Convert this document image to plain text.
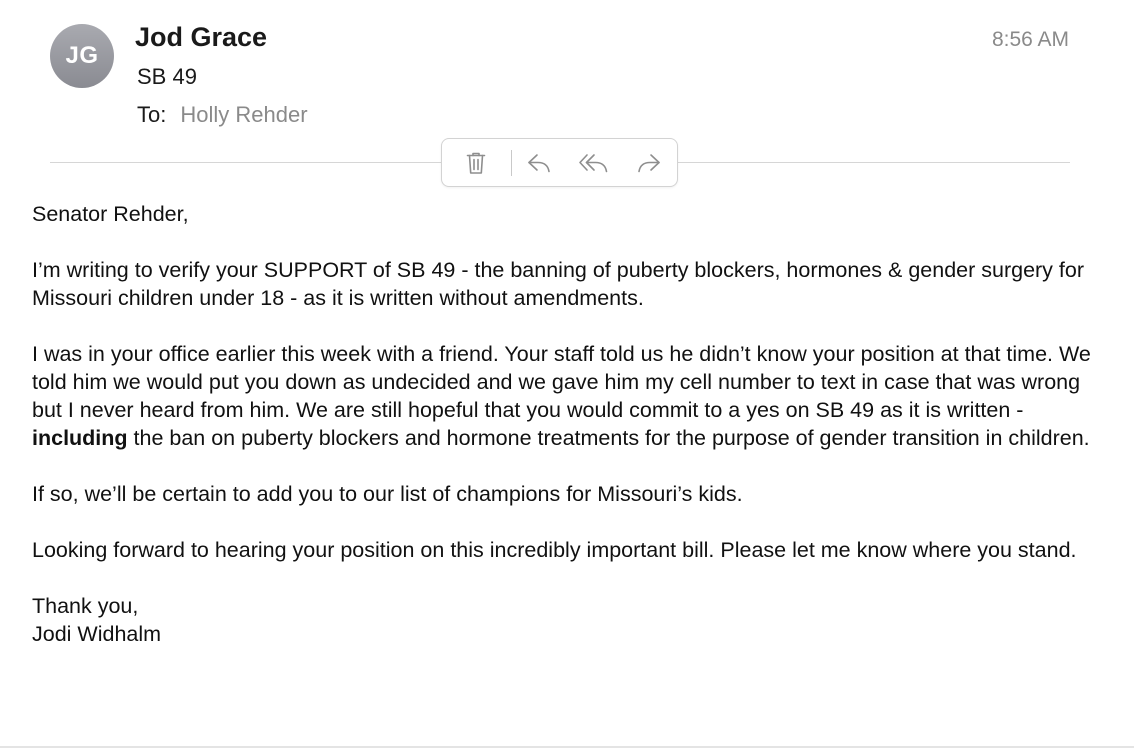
JG
Jod Grace
SB 49
To: Holly Rehder
8:56 AM

Senator Rehder,

I’m writing to verify your SUPPORT of SB 49 - the banning of puberty blockers, hormones & gender surgery for Missouri children under 18 - as it is written without amendments.

I was in your office earlier this week with a friend. Your staff told us he didn’t know your position at that time. We told him we would put you down as undecided and we gave him my cell number to text in case that was wrong but I never heard from him. We are still hopeful that you would commit to a yes on SB 49 as it is written -including the ban on puberty blockers and hormone treatments for the purpose of gender transition in children.

If so, we’ll be certain to add you to our list of champions for Missouri’s kids.

Looking forward to hearing your position on this incredibly important bill. Please let me know where you stand.

Thank you,
Jodi Widhalm
